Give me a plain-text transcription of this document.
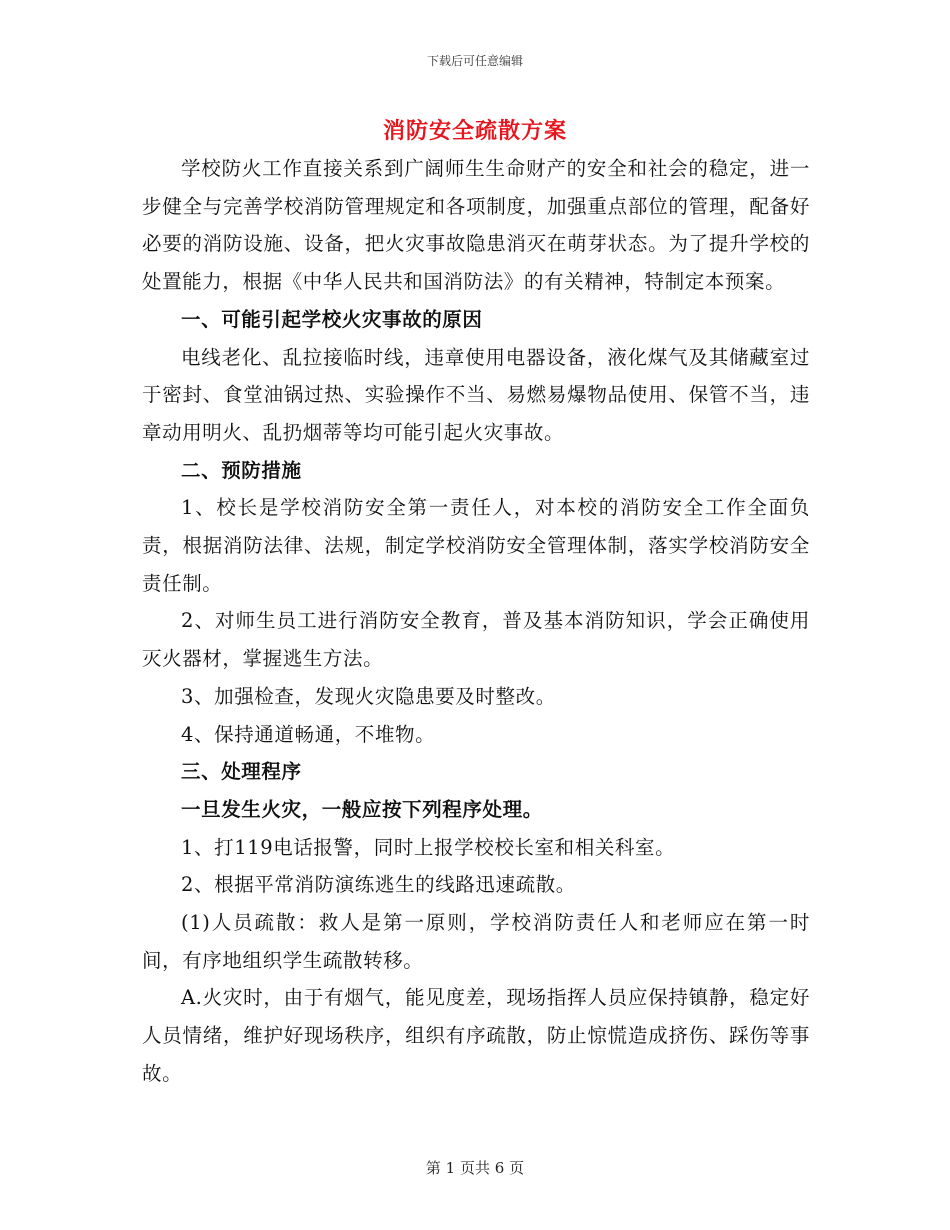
下载后可任意编辑
消防安全疏散方案

学校防火工作直接关系到广阔师生生命财产的安全和社会的稳定，进一步健全与完善学校消防管理规定和各项制度，加强重点部位的管理，配备好必要的消防设施、设备，把火灾事故隐患消灭在萌芽状态。为了提升学校的处置能力，根据《中华人民共和国消防法》的有关精神，特制定本预案。

一、可能引起学校火灾事故的原因

电线老化、乱拉接临时线，违章使用电器设备，液化煤气及其储藏室过于密封、食堂油锅过热、实验操作不当、易燃易爆物品使用、保管不当，违章动用明火、乱扔烟蒂等均可能引起火灾事故。

二、预防措施

1、校长是学校消防安全第一责任人，对本校的消防安全工作全面负责，根据消防法律、法规，制定学校消防安全管理体制，落实学校消防安全责任制。

2、对师生员工进行消防安全教育，普及基本消防知识，学会正确使用灭火器材，掌握逃生方法。

3、加强检查，发现火灾隐患要及时整改。

4、保持通道畅通，不堆物。

三、处理程序

一旦发生火灾，一般应按下列程序处理。

1、打119电话报警，同时上报学校校长室和相关科室。

2、根据平常消防演练逃生的线路迅速疏散。

(1)人员疏散：救人是第一原则，学校消防责任人和老师应在第一时间，有序地组织学生疏散转移。

A.火灾时，由于有烟气，能见度差，现场指挥人员应保持镇静，稳定好人员情绪，维护好现场秩序，组织有序疏散，防止惊慌造成挤伤、踩伤等事故。

第 1 页共 6 页
